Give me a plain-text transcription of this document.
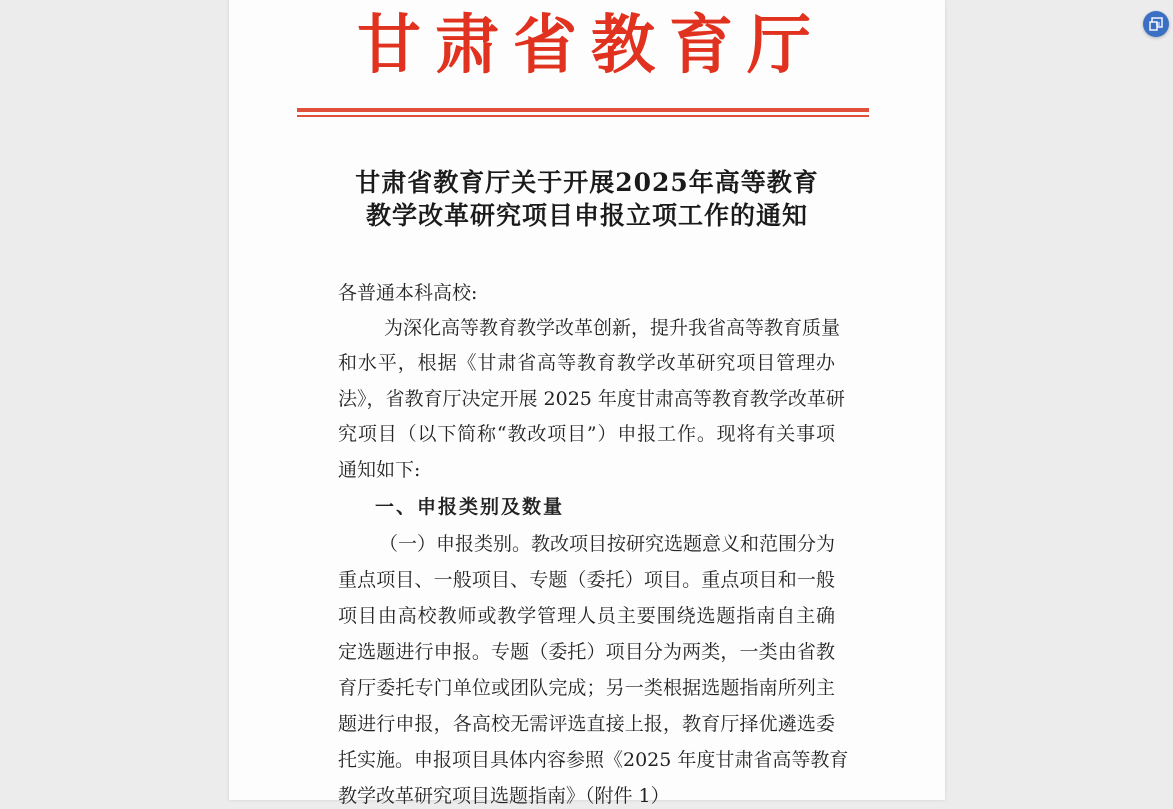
甘肃省教育厅
甘肃省教育厅关于开展2025年高等教育
教学改革研究项目申报立项工作的通知
各普通本科高校:
为深化高等教育教学改革创新，提升我省高等教育质量
和水平，根据《甘肃省高等教育教学改革研究项目管理办
法》，省教育厅决定开展 2025 年度甘肃高等教育教学改革研
究项目（以下简称“教改项目”）申报工作。现将有关事项
通知如下:
一、申报类别及数量
（一）申报类别。教改项目按研究选题意义和范围分为
重点项目、一般项目、专题（委托）项目。重点项目和一般
项目由高校教师或教学管理人员主要围绕选题指南自主确
定选题进行申报。专题（委托）项目分为两类，一类由省教
育厅委托专门单位或团队完成；另一类根据选题指南所列主
题进行申报，各高校无需评选直接上报，教育厅择优遴选委
托实施。申报项目具体内容参照《2025 年度甘肃省高等教育
教学改革研究项目选题指南》（附件 1）
